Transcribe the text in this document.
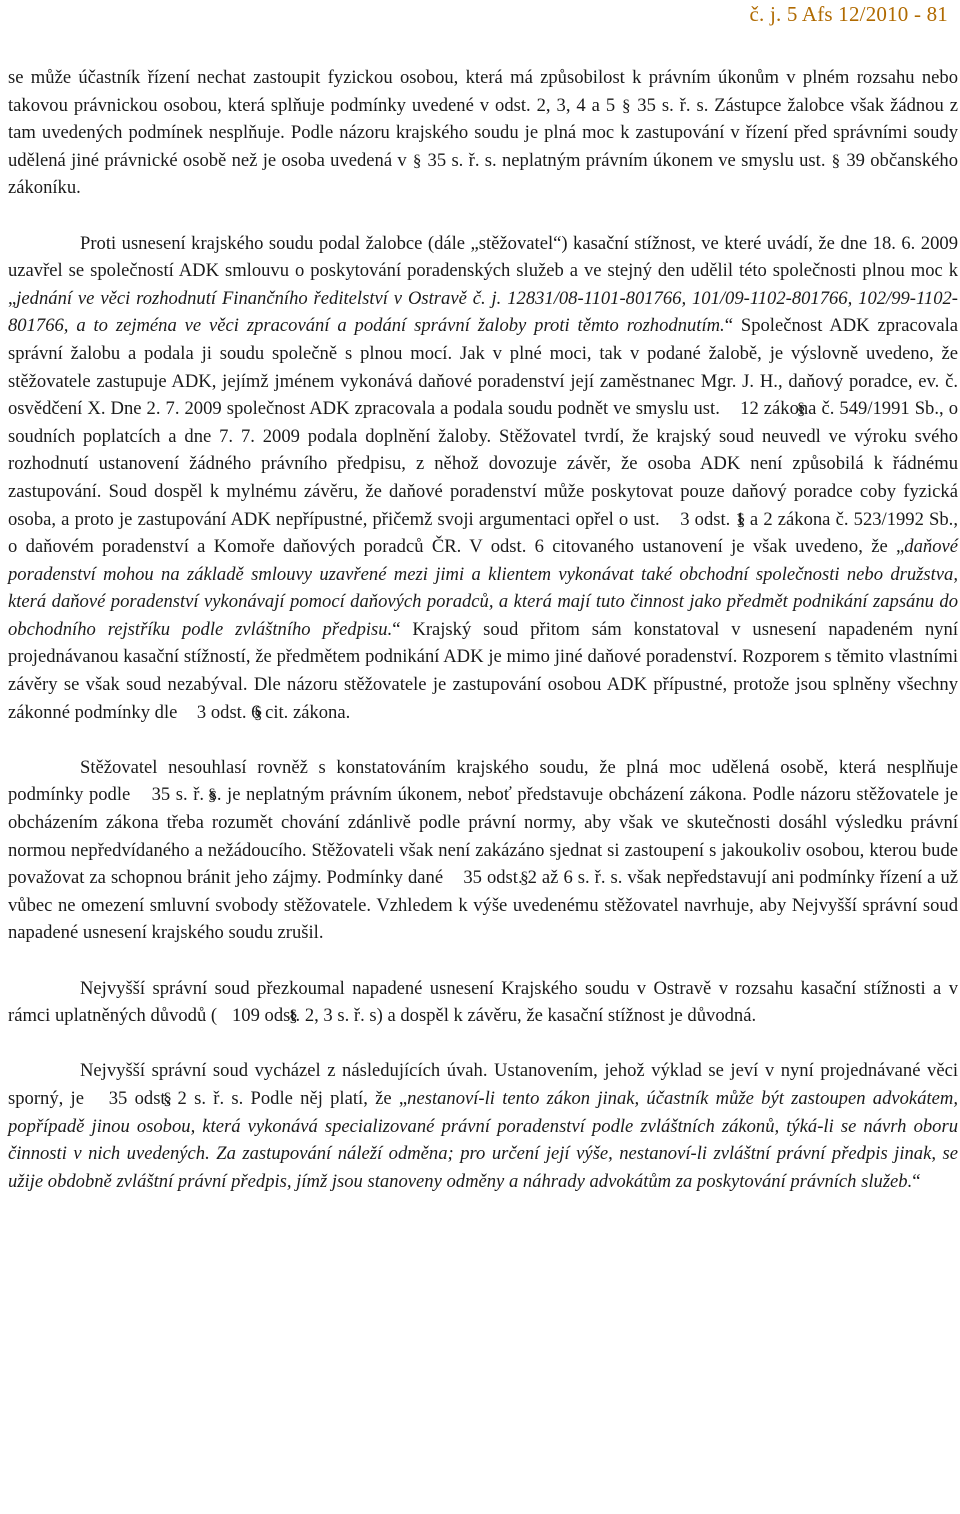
č. j. 5 Afs 12/2010 - 81

se může účastník řízení nechat zastoupit fyzickou osobou, která má způsobilost k právním úkonům v plném rozsahu nebo takovou právnickou osobou, která splňuje podmínky uvedené v odst. 2, 3, 4 a 5 § 35 s. ř. s. Zástupce žalobce však žádnou z tam uvedených podmínek nesplňuje. Podle názoru krajského soudu je plná moc k zastupování v řízení před správními soudy udělená jiné právnické osobě než je osoba uvedená v § 35 s. ř. s. neplatným právním úkonem ve smyslu ust. § 39 občanského zákoníku.

Proti usnesení krajského soudu podal žalobce (dále „stěžovatel“) kasační stížnost, ve které uvádí, že dne 18. 6. 2009 uzavřel se společností ADK smlouvu o poskytování poradenských služeb a ve stejný den udělil této společnosti plnou moc k „jednání ve věci rozhodnutí Finančního ředitelství v Ostravě č. j. 12831/08-1101-801766, 101/09-1102-801766, 102/99-1102-801766, a to zejména ve věci zpracování a podání správní žaloby proti těmto rozhodnutím.“ Společnost ADK zpracovala správní žalobu a podala ji soudu společně s plnou mocí. Jak v plné moci, tak v podané žalobě, je výslovně uvedeno, že stěžovatele zastupuje ADK, jejímž jménem vykonává daňové poradenství její zaměstnanec Mgr. J. H., daňový poradce, ev. č. osvědčení X. Dne 2. 7. 2009 společnost ADK zpracovala a podala soudu podnět ve smyslu ust. § 12 zákona č. 549/1991 Sb., o soudních poplatcích a dne 7. 7. 2009 podala doplnění žaloby. Stěžovatel tvrdí, že krajský soud neuvedl ve výroku svého rozhodnutí ustanovení žádného právního předpisu, z něhož dovozuje závěr, že osoba ADK není způsobilá k řádnému zastupování. Soud dospěl k mylnému závěru, že daňové poradenství může poskytovat pouze daňový poradce coby fyzická osoba, a proto je zastupování ADK nepřípustné, přičemž svoji argumentaci opřel o ust. § 3 odst. 1 a 2 zákona č. 523/1992 Sb., o daňovém poradenství a Komoře daňových poradců ČR. V odst. 6 citovaného ustanovení je však uvedeno, že „daňové poradenství mohou na základě smlouvy uzavřené mezi jimi a klientem vykonávat také obchodní společnosti nebo družstva, která daňové poradenství vykonávají pomocí daňových poradců, a která mají tuto činnost jako předmět podnikání zapsánu do obchodního rejstříku podle zvláštního předpisu.“ Krajský soud přitom sám konstatoval v usnesení napadeném nyní projednávanou kasační stížností, že předmětem podnikání ADK je mimo jiné daňové poradenství. Rozporem s těmito vlastními závěry se však soud nezabýval. Dle názoru stěžovatele je zastupování osobou ADK přípustné, protože jsou splněny všechny zákonné podmínky dle § 3 odst. 6 cit. zákona.

Stěžovatel nesouhlasí rovněž s konstatováním krajského soudu, že plná moc udělená osobě, která nesplňuje podmínky podle § 35 s. ř. s. je neplatným právním úkonem, neboť představuje obcházení zákona. Podle názoru stěžovatele je obcházením zákona třeba rozumět chování zdánlivě podle právní normy, aby však ve skutečnosti dosáhl výsledku právní normou nepředvídaného a nežádoucího. Stěžovateli však není zakázáno sjednat si zastoupení s jakoukoliv osobou, kterou bude považovat za schopnou bránit jeho zájmy. Podmínky dané § 35 odst. 2 až 6 s. ř. s. však nepředstavují ani podmínky řízení a už vůbec ne omezení smluvní svobody stěžovatele. Vzhledem k výše uvedenému stěžovatel navrhuje, aby Nejvyšší správní soud napadené usnesení krajského soudu zrušil.

Nejvyšší správní soud přezkoumal napadené usnesení Krajského soudu v Ostravě v rozsahu kasační stížnosti a v rámci uplatněných důvodů (§ 109 odst. 2, 3 s. ř. s) a dospěl k závěru, že kasační stížnost je důvodná.

Nejvyšší správní soud vycházel z následujících úvah. Ustanovením, jehož výklad se jeví v nyní projednávané věci sporný, je § 35 odst. 2 s. ř. s. Podle něj platí, že „nestanoví-li tento zákon jinak, účastník může být zastoupen advokátem, popřípadě jinou osobou, která vykonává specializované právní poradenství podle zvláštních zákonů, týká-li se návrh oboru činnosti v nich uvedených. Za zastupování náleží odměna; pro určení její výše, nestanoví-li zvláštní právní předpis jinak, se užije obdobně zvláštní právní předpis, jímž jsou stanoveny odměny a náhrady advokátům za poskytování právních služeb.“
